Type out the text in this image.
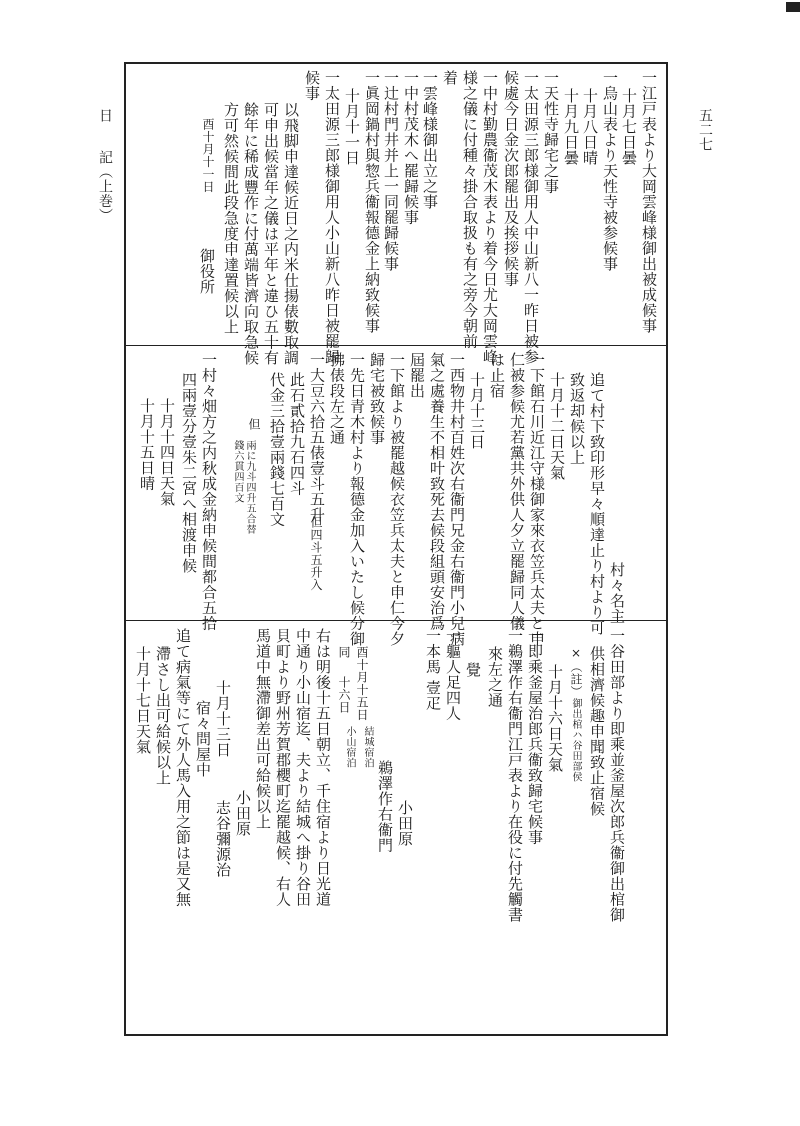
日
記（上巻）
五二七
一江戸表より大岡雲峰様御出被成候事
十月七日曇
一烏山表より天性寺被参候事
十月八日晴
十月九日曇
一天性寺歸宅之事
一太田源三郎様御用人中山新八一昨日被参
候處今日金次郎罷出及挨拶候事
一中村勤農衞茂木表より着今日尤大岡雲峰
様之儀に付種々掛合取扱も有之旁今朝前
着
一雲峰様御出立之事
一中村茂木へ罷歸候事
一辻村門井并上一同罷歸候事
一眞岡鍋村與惣兵衞報德金上納致候事
十月十一日
一太田源三郎様御用人小山新八昨日被罷歸
候事
以飛脚申達候近日之内米仕揚俵數取調
可申出候當年之儀は平年と違ひ五十有
餘年に稀成豐作に付萬端皆濟向取急候
方可然候間此段急度申達置候以上
酉十月十一日
御役所
村々名主
追て村下致印形早々順達止り村より可
致返却候以上
十月十二日天氣
一下館石川近江守様御家來衣笠兵太夫と申
仁被参候尤若黨共外供人夕立罷歸同人儀
は止宿
十月十三日
一西物井村百姓次右衞門兄金右衞門小兒病
氣之處養生不相叶致死去候段組頭安治爲
屆罷出
一下館より被罷越候衣笠兵太夫と申仁今夕
歸宅被致候事
一先日青木村より報德金加入いたし候分御
拂俵段左之通
一大豆六拾五俵壹斗五升
但四斗五升入
此石貳拾九石四斗
代金三拾壹兩錢七百文
但
兩に九斗四升五合替
錢六貫四百文
一村々畑方之内秋成金納申候間都合五拾
四兩壹分壹朱二宮へ相渡申候
十月十四日天氣
十月十五日晴
一谷田部より即乘並釜屋次郎兵衞御出棺御
供相濟候趣申聞致止宿候
×（註）
御出棺ハ谷田部侯
十月十六日天氣
一即乘釜屋治郎兵衞致歸宅候事
一鵜澤作右衞門江戸表より在役に付先觸書
來左之通
覺
一軀人足四人
一本馬
壹疋
小田原
鵜澤作右衞門
酉十月十五日
結城宿泊
同
十六日
小山宿泊
右は明後十五日朝立、千住宿より日光道
中通り小山宿迄、夫より結城へ掛り谷田
貝町より野州芳賀郡櫻町迄罷越候、右人
馬道中無滯御差出可給候以上
小田原
十月十三日
志谷彌源治
宿々問屋中
追て病氣等にて外人馬入用之節は是又無
滯さし出可給候以上
十月十七日天氣
